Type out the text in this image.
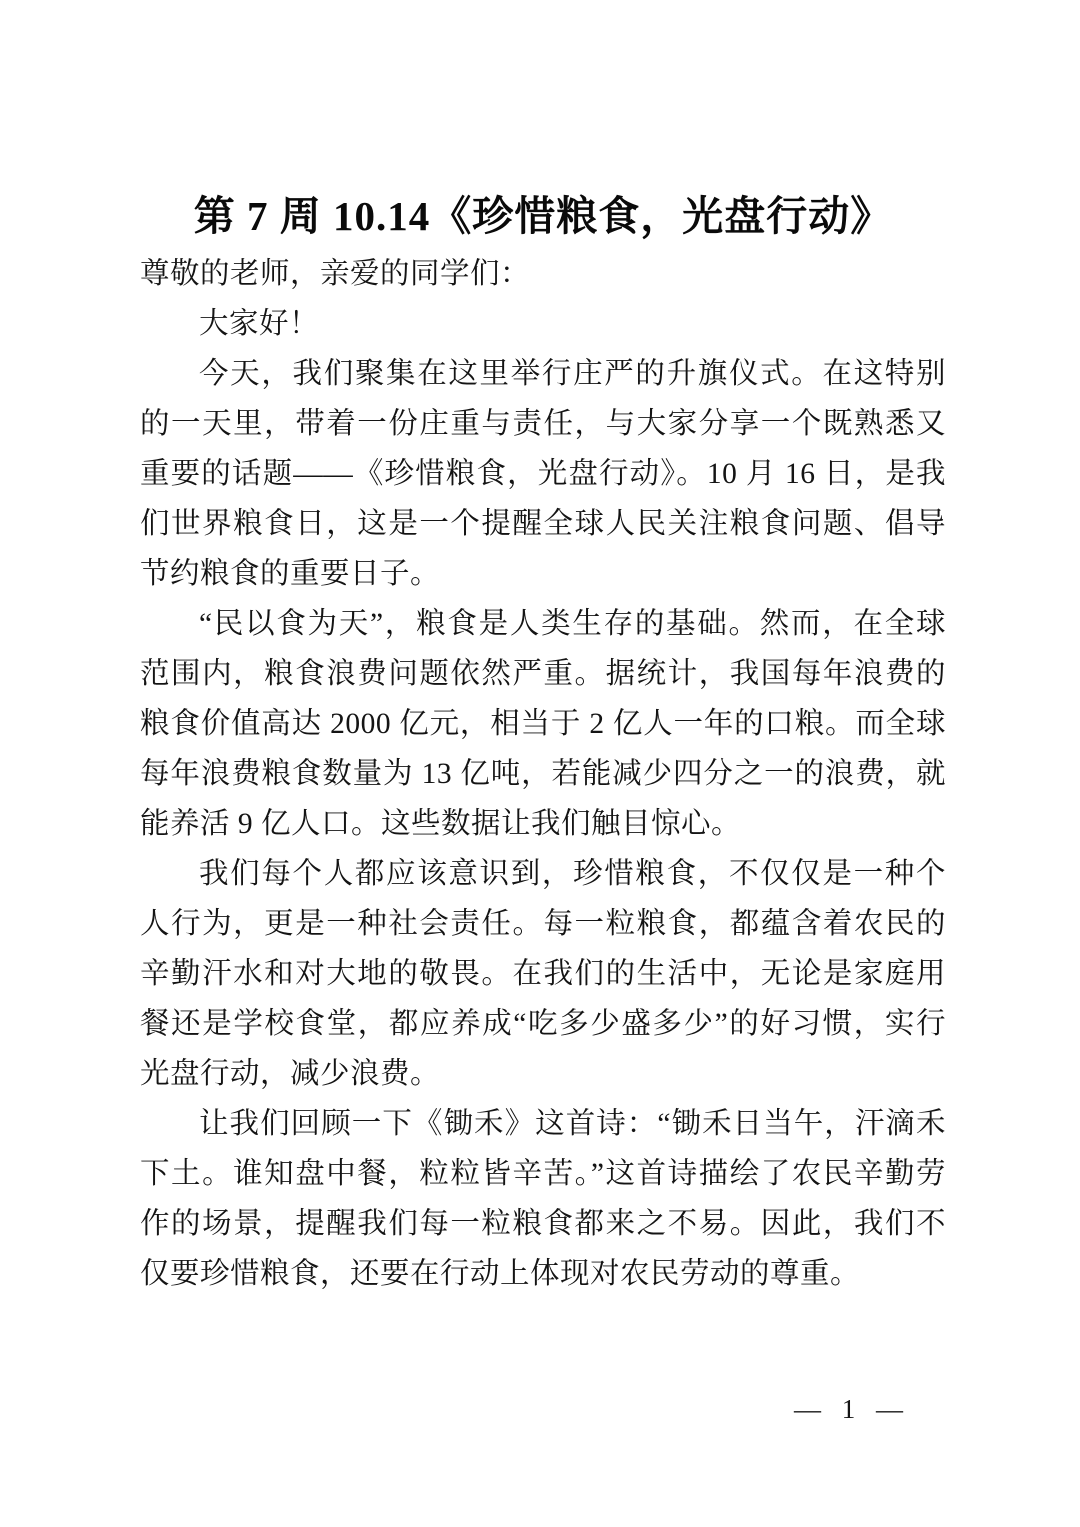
第 7 周 10.14《珍惜粮食，光盘行动》

尊敬的老师，亲爱的同学们：

大家好！

今天，我们聚集在这里举行庄严的升旗仪式。在这特别的一天里，带着一份庄重与责任，与大家分享一个既熟悉又重要的话题——《珍惜粮食，光盘行动》。10 月 16 日，是我们世界粮食日，这是一个提醒全球人民关注粮食问题、倡导节约粮食的重要日子。

“民以食为天”，粮食是人类生存的基础。然而，在全球范围内，粮食浪费问题依然严重。据统计，我国每年浪费的粮食价值高达 2000 亿元，相当于 2 亿人一年的口粮。而全球每年浪费粮食数量为 13 亿吨，若能减少四分之一的浪费，就能养活 9 亿人口。这些数据让我们触目惊心。

我们每个人都应该意识到，珍惜粮食，不仅仅是一种个人行为，更是一种社会责任。每一粒粮食，都蕴含着农民的辛勤汗水和对大地的敬畏。在我们的生活中，无论是家庭用餐还是学校食堂，都应养成“吃多少盛多少”的好习惯，实行光盘行动，减少浪费。

让我们回顾一下《锄禾》这首诗：“锄禾日当午，汗滴禾下土。谁知盘中餐，粒粒皆辛苦。”这首诗描绘了农民辛勤劳作的场景，提醒我们每一粒粮食都来之不易。因此，我们不仅要珍惜粮食，还要在行动上体现对农民劳动的尊重。

— 1 —
